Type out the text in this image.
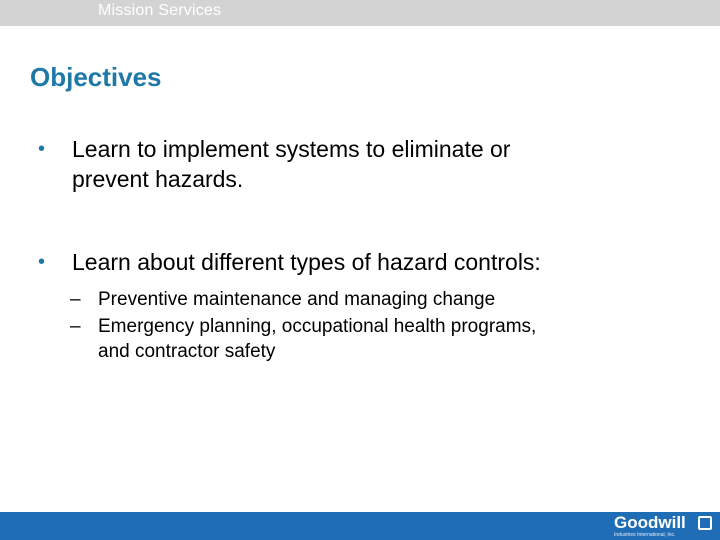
Mission Services
Objectives
• Learn to implement systems to eliminate or
prevent hazards.
• Learn about different types of hazard controls:
– Preventive maintenance and managing change
– Emergency planning, occupational health programs,
and contractor safety
Goodwill
Industries International, Inc.
